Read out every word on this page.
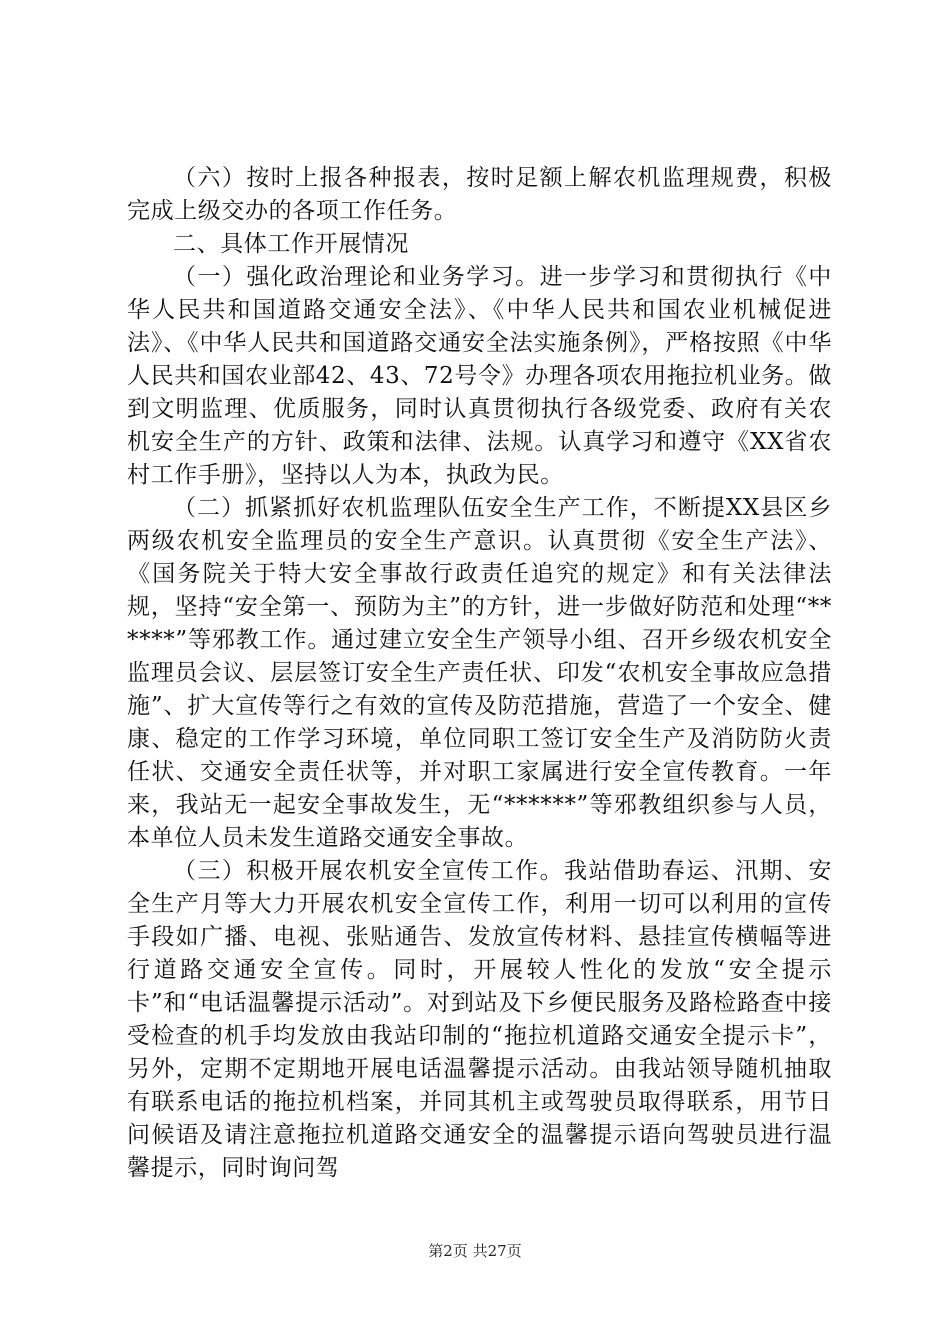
（六）按时上报各种报表，按时足额上解农机监理规费，积极完成上级交办的各项工作任务。

二、具体工作开展情况

（一）强化政治理论和业务学习。进一步学习和贯彻执行《中华人民共和国道路交通安全法》、《中华人民共和国农业机械促进法》、《中华人民共和国道路交通安全法实施条例》，严格按照《中华人民共和国农业部42、43、72号令》办理各项农用拖拉机业务。做到文明监理、优质服务，同时认真贯彻执行各级党委、政府有关农机安全生产的方针、政策和法律、法规。认真学习和遵守《XX省农村工作手册》，坚持以人为本，执政为民。

（二）抓紧抓好农机监理队伍安全生产工作，不断提XX县区乡两级农机安全监理员的安全生产意识。认真贯彻《安全生产法》、《国务院关于特大安全事故行政责任追究的规定》和有关法律法规，坚持“安全第一、预防为主”的方针，进一步做好防范和处理“******”等邪教工作。通过建立安全生产领导小组、召开乡级农机安全监理员会议、层层签订安全生产责任状、印发“农机安全事故应急措施”、扩大宣传等行之有效的宣传及防范措施，营造了一个安全、健康、稳定的工作学习环境，单位同职工签订安全生产及消防防火责任状、交通安全责任状等，并对职工家属进行安全宣传教育。一年来，我站无一起安全事故发生，无“******”等邪教组织参与人员，本单位人员未发生道路交通安全事故。

（三）积极开展农机安全宣传工作。我站借助春运、汛期、安全生产月等大力开展农机安全宣传工作，利用一切可以利用的宣传手段如广播、电视、张贴通告、发放宣传材料、悬挂宣传横幅等进行道路交通安全宣传。同时，开展较人性化的发放“安全提示卡”和“电话温馨提示活动”。对到站及下乡便民服务及路检路查中接受检查的机手均发放由我站印制的“拖拉机道路交通安全提示卡”，另外，定期不定期地开展电话温馨提示活动。由我站领导随机抽取有联系电话的拖拉机档案，并同其机主或驾驶员取得联系，用节日问候语及请注意拖拉机道路交通安全的温馨提示语向驾驶员进行温馨提示，同时询问驾

第2页 共27页
